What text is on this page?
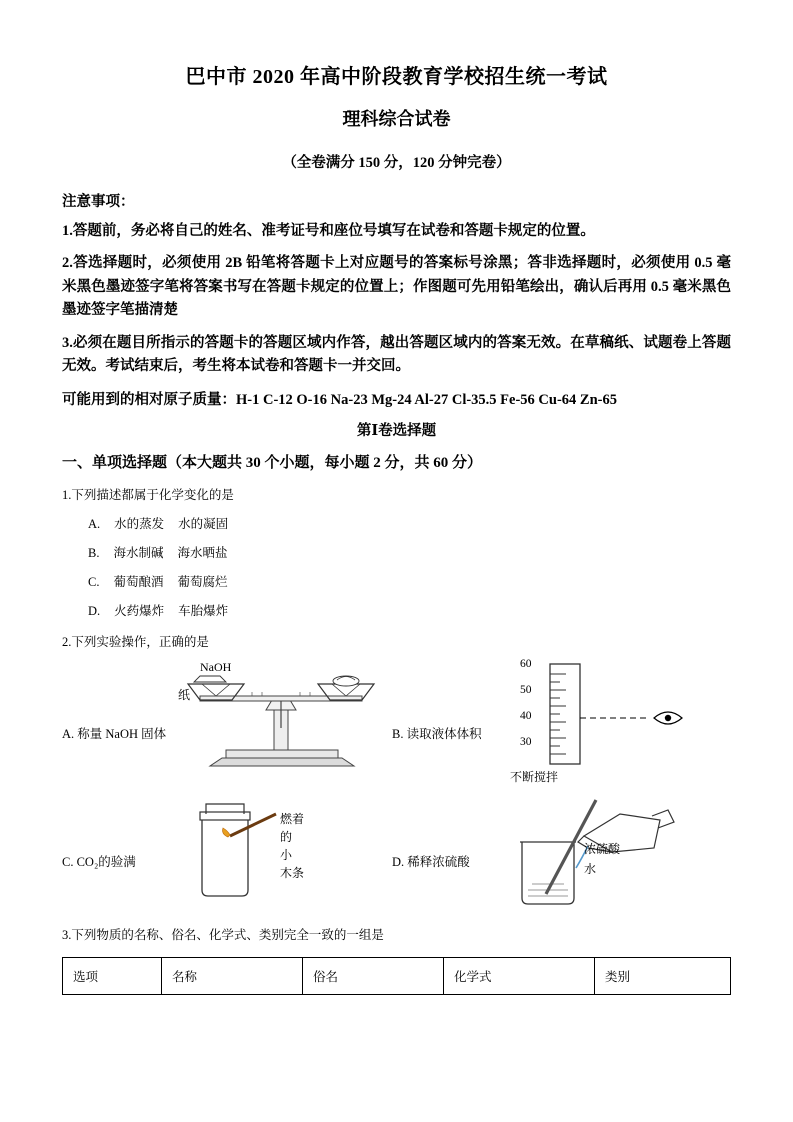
巴中市 2020 年高中阶段教育学校招生统一考试
理科综合试卷
（全卷满分 150 分，120 分钟完卷）
注意事项：
1.答题前，务必将自己的姓名、准考证号和座位号填写在试卷和答题卡规定的位置。
2.答选择题时，必须使用 2B 铅笔将答题卡上对应题号的答案标号涂黑；答非选择题时，必须使用 0.5 毫米黑色墨迹签字笔将答案书写在答题卡规定的位置上；作图题可先用铅笔绘出，确认后再用 0.5 毫米黑色墨迹签字笔描清楚
3.必须在题目所指示的答题卡的答题区域内作答，越出答题区域内的答案无效。在草稿纸、试题卷上答题无效。考试结束后，考生将本试卷和答题卡一并交回。
可能用到的相对原子质量：H-1 C-12 O-16 Na-23 Mg-24 Al-27 Cl-35.5 Fe-56 Cu-64 Zn-65
第Ⅰ卷选择题
一、单项选择题（本大题共 30 个小题，每小题 2 分，共 60 分）
1.下列描述都属于化学变化的是
A. 水的蒸发 水的凝固
B. 海水制碱 海水晒盐
C. 葡萄酿酒 葡萄腐烂
D. 火药爆炸 车胎爆炸
2.下列实验操作，正确的是
A. 称量 NaOH 固体
NaOH
纸
B. 读取液体体积
60
50
40
30
C. CO₂的验满
燃着
的
小
木条
D. 稀释浓硫酸
不断搅拌
浓硫酸
水
3.下列物质的名称、俗名、化学式、类别完全一致的一组是
选项	名称	俗名	化学式	类别
